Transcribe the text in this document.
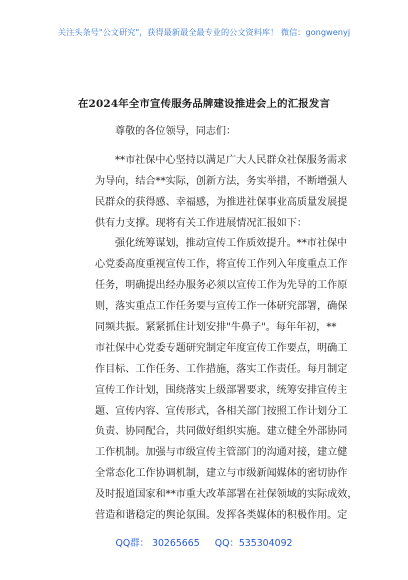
关注头条号"公文研究"，获得最新最全最专业的公文资料库！ 微信：gongwenyj
在2024年全市宣传服务品牌建设推进会上的汇报发言
尊敬的各位领导，同志们：
**市社保中心坚持以满足广大人民群众社保服务需求
为导向，结合**实际，创新方法，务实举措，不断增强人
民群众的获得感、幸福感，为推进社保事业高质量发展提
供有力支撑。现将有关工作进展情况汇报如下：
强化统筹谋划，推动宣传工作质效提升。**市社保中
心党委高度重视宣传工作，将宣传工作列入年度重点工作
任务，明确提出经办服务必须以宣传工作为先导的工作原
则，落实重点工作任务要与宣传工作一体研究部署，确保
同频共振。紧紧抓住计划安排"牛鼻子"。每年年初，**
市社保中心党委专题研究制定年度宣传工作要点，明确工
作目标、工作任务、工作措施，落实工作责任。每月制定
宣传工作计划，围绕落实上级部署要求，统筹安排宣传主
题、宣传内容、宣传形式，各相关部门按照工作计划分工
负责、协同配合，共同做好组织实施。建立健全外部协同
工作机制。加强与市级宣传主管部门的沟通对接，建立健
全常态化工作协调机制，建立与市级新闻媒体的密切协作
及时报道国家和**市重大改革部署在社保领域的实际成效，
营造和谐稳定的舆论氛围。发挥各类媒体的积极作用。定
QQ群： 30265665 QQ：535304092
